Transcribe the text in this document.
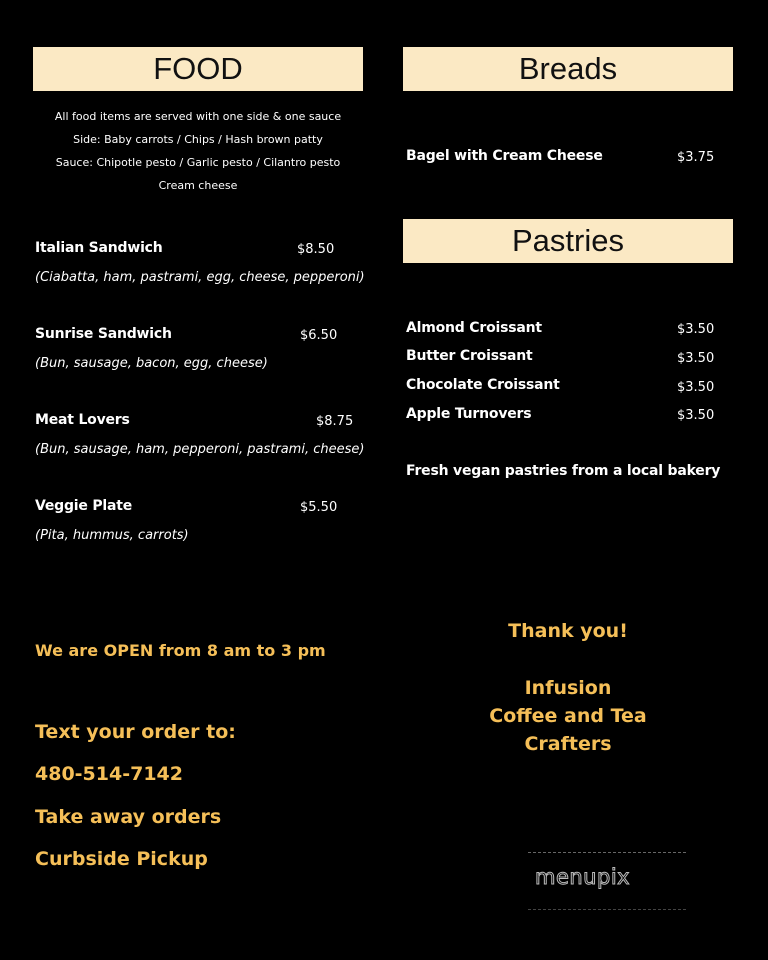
FOOD
All food items are served with one side & one sauce
Side: Baby carrots / Chips / Hash brown patty
Sauce: Chipotle pesto / Garlic pesto / Cilantro pesto
Cream cheese
Italian Sandwich	$8.50
(Ciabatta, ham, pastrami, egg, cheese, pepperoni)
Sunrise Sandwich	$6.50
(Bun, sausage, bacon, egg, cheese)
Meat Lovers	$8.75
(Bun, sausage, ham, pepperoni, pastrami, cheese)
Veggie Plate	$5.50
(Pita, hummus, carrots)
We are OPEN from 8 am to 3 pm
Text your order to:
480-514-7142
Take away orders
Curbside Pickup
Breads
Bagel with Cream Cheese	$3.75
Pastries
Almond Croissant	$3.50
Butter Croissant	$3.50
Chocolate Croissant	$3.50
Apple Turnovers	$3.50
Fresh vegan pastries from a local bakery
Thank you!
Infusion
Coffee and Tea
Crafters
menupix
